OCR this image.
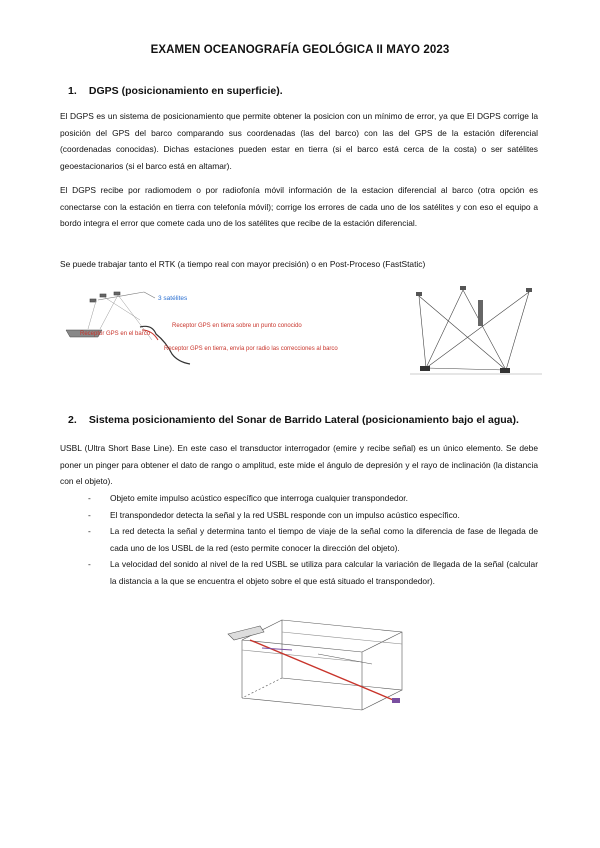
EXAMEN OCEANOGRAFÍA GEOLÓGICA II MAYO 2023
1. DGPS (posicionamiento en superficie).

El DGPS es un sistema de posicionamiento que permite obtener la posicion con un mínimo de error, ya que El DGPS corrige la posición del GPS del barco comparando sus coordenadas (las del barco) con las del GPS de la estación diferencial (coordenadas conocidas). Dichas estaciones pueden estar en tierra (si el barco está cerca de la costa) o ser satélites geoestacionarios (si el barco está en altamar).

El DGPS recibe por radiomodem o por radiofonía móvil información de la estacion diferencial al barco (otra opción es conectarse con la estación en tierra con telefonía móvil); corrige los errores de cada uno de los satélites y con eso el equipo a bordo integra el error que comete cada uno de los satélites que recibe de la estación diferencial.

Se puede trabajar tanto el RTK (a tiempo real con mayor precisión) o en Post-Proceso (FastStatic)

3 satélites
Receptor GPS en el barco
Receptor GPS en tierra sobre un punto conocido
Receptor GPS en tierra, envía por radio las correcciones al barco
2. Sistema posicionamiento del Sonar de Barrido Lateral (posicionamiento bajo el agua).

USBL (Ultra Short Base Line). En este caso el transductor interrogador (emire y recibe señal) es un único elemento. Se debe poner un pinger para obtener el dato de rango o amplitud, este mide el ángulo de depresión y el rayo de inclinación (la distancia con el objeto).

- Objeto emite impulso acústico específico que interroga cualquier transpondedor.
- El transpondedor detecta la señal y la red USBL responde con un impulso acústico específico.
- La red detecta la señal y determina tanto el tiempo de viaje de la señal como la diferencia de fase de llegada de cada uno de los USBL de la red (esto permite conocer la dirección del objeto).
- La velocidad del sonido al nivel de la red USBL se utiliza para calcular la variación de llegada de la señal (calcular la distancia a la que se encuentra el objeto sobre el que está situado el transpondedor).
